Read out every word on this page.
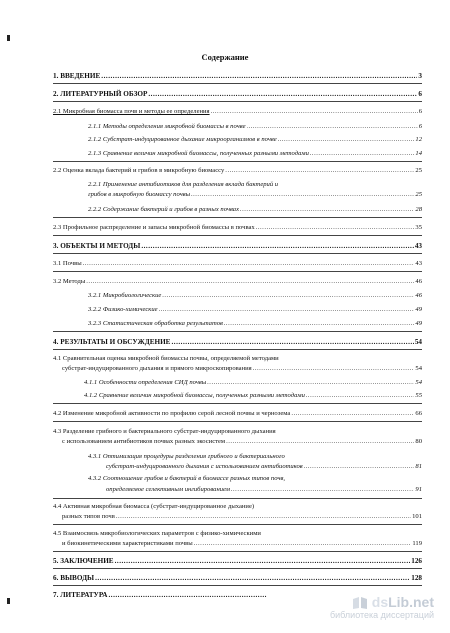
Содержание
1. ВВЕДЕНИЕ .....	3
2. ЛИТЕРАТУРНЫЙ ОБЗОР .....	6
2.1 Микробная биомасса почв и методы ее определения .....	6
2.1.1 Методы определения микробной биомассы в почве .....	6
2.1.2 Субстрат-индуцированное дыхание микроорганизмов в почве .....	12
2.1.3 Сравнение величин микробной биомассы, полученных разными методами .....	14
2.2 Оценка вклада бактерий и грибов в микробную биомассу .....	25
2.2.1 Применение антибиотиков для разделения вклада бактерий и
грибов в микробную биомассу почвы .....	25
2.2.2 Содержание бактерий и грибов в разных почвах .....	28
2.3 Профильное распределение и запасы микробной биомассы в почвах .....	35
3. ОБЪЕКТЫ И МЕТОДЫ .....	43
3.1 Почвы .....	43
3.2 Методы .....	46
3.2.1 Микробиологические .....	46
3.2.2 Физико-химические .....	49
3.2.3 Статистическая обработка результатов .....	49
4. РЕЗУЛЬТАТЫ И ОБСУЖДЕНИЕ .....	54
4.1 Сравнительная оценка микробной биомассы почвы, определяемой методами
субстрат-индуцированного дыхания и прямого микроскопирования .....	54
4.1.1 Особенности определения СИД почвы .....	54
4.1.2 Сравнение величин микробной биомассы, полученных разными методами .....	55
4.2 Изменение микробной активности по профилю серой лесной почвы и чернозема .....	66
4.3 Разделение грибного и бактериального субстрат-индуцированного дыхания
с использованием антибиотиков почвах разных экосистем .....	80
4.3.1 Оптимизация процедуры разделения грибного и бактериального
субстрат-индуцированного дыхания с использованием антибиотиков .....	81
4.3.2 Соотношение грибов и бактерий в биомассе разных типов почв,
определяемое селективным ингибированием .....	91
4.4 Активная микробная биомасса (субстрат-индуцированное дыхание)
разных типов почв .....	101
4.5 Взаимосвязь микробиологических параметров с физико-химическими
и биокинетическими характеристиками почвы .....	119
5. ЗАКЛЮЧЕНИЕ .....	126
6. ВЫВОДЫ .....	128
7. ЛИТЕРАТУРА .....	dsLib.net
библиотека диссертаций
